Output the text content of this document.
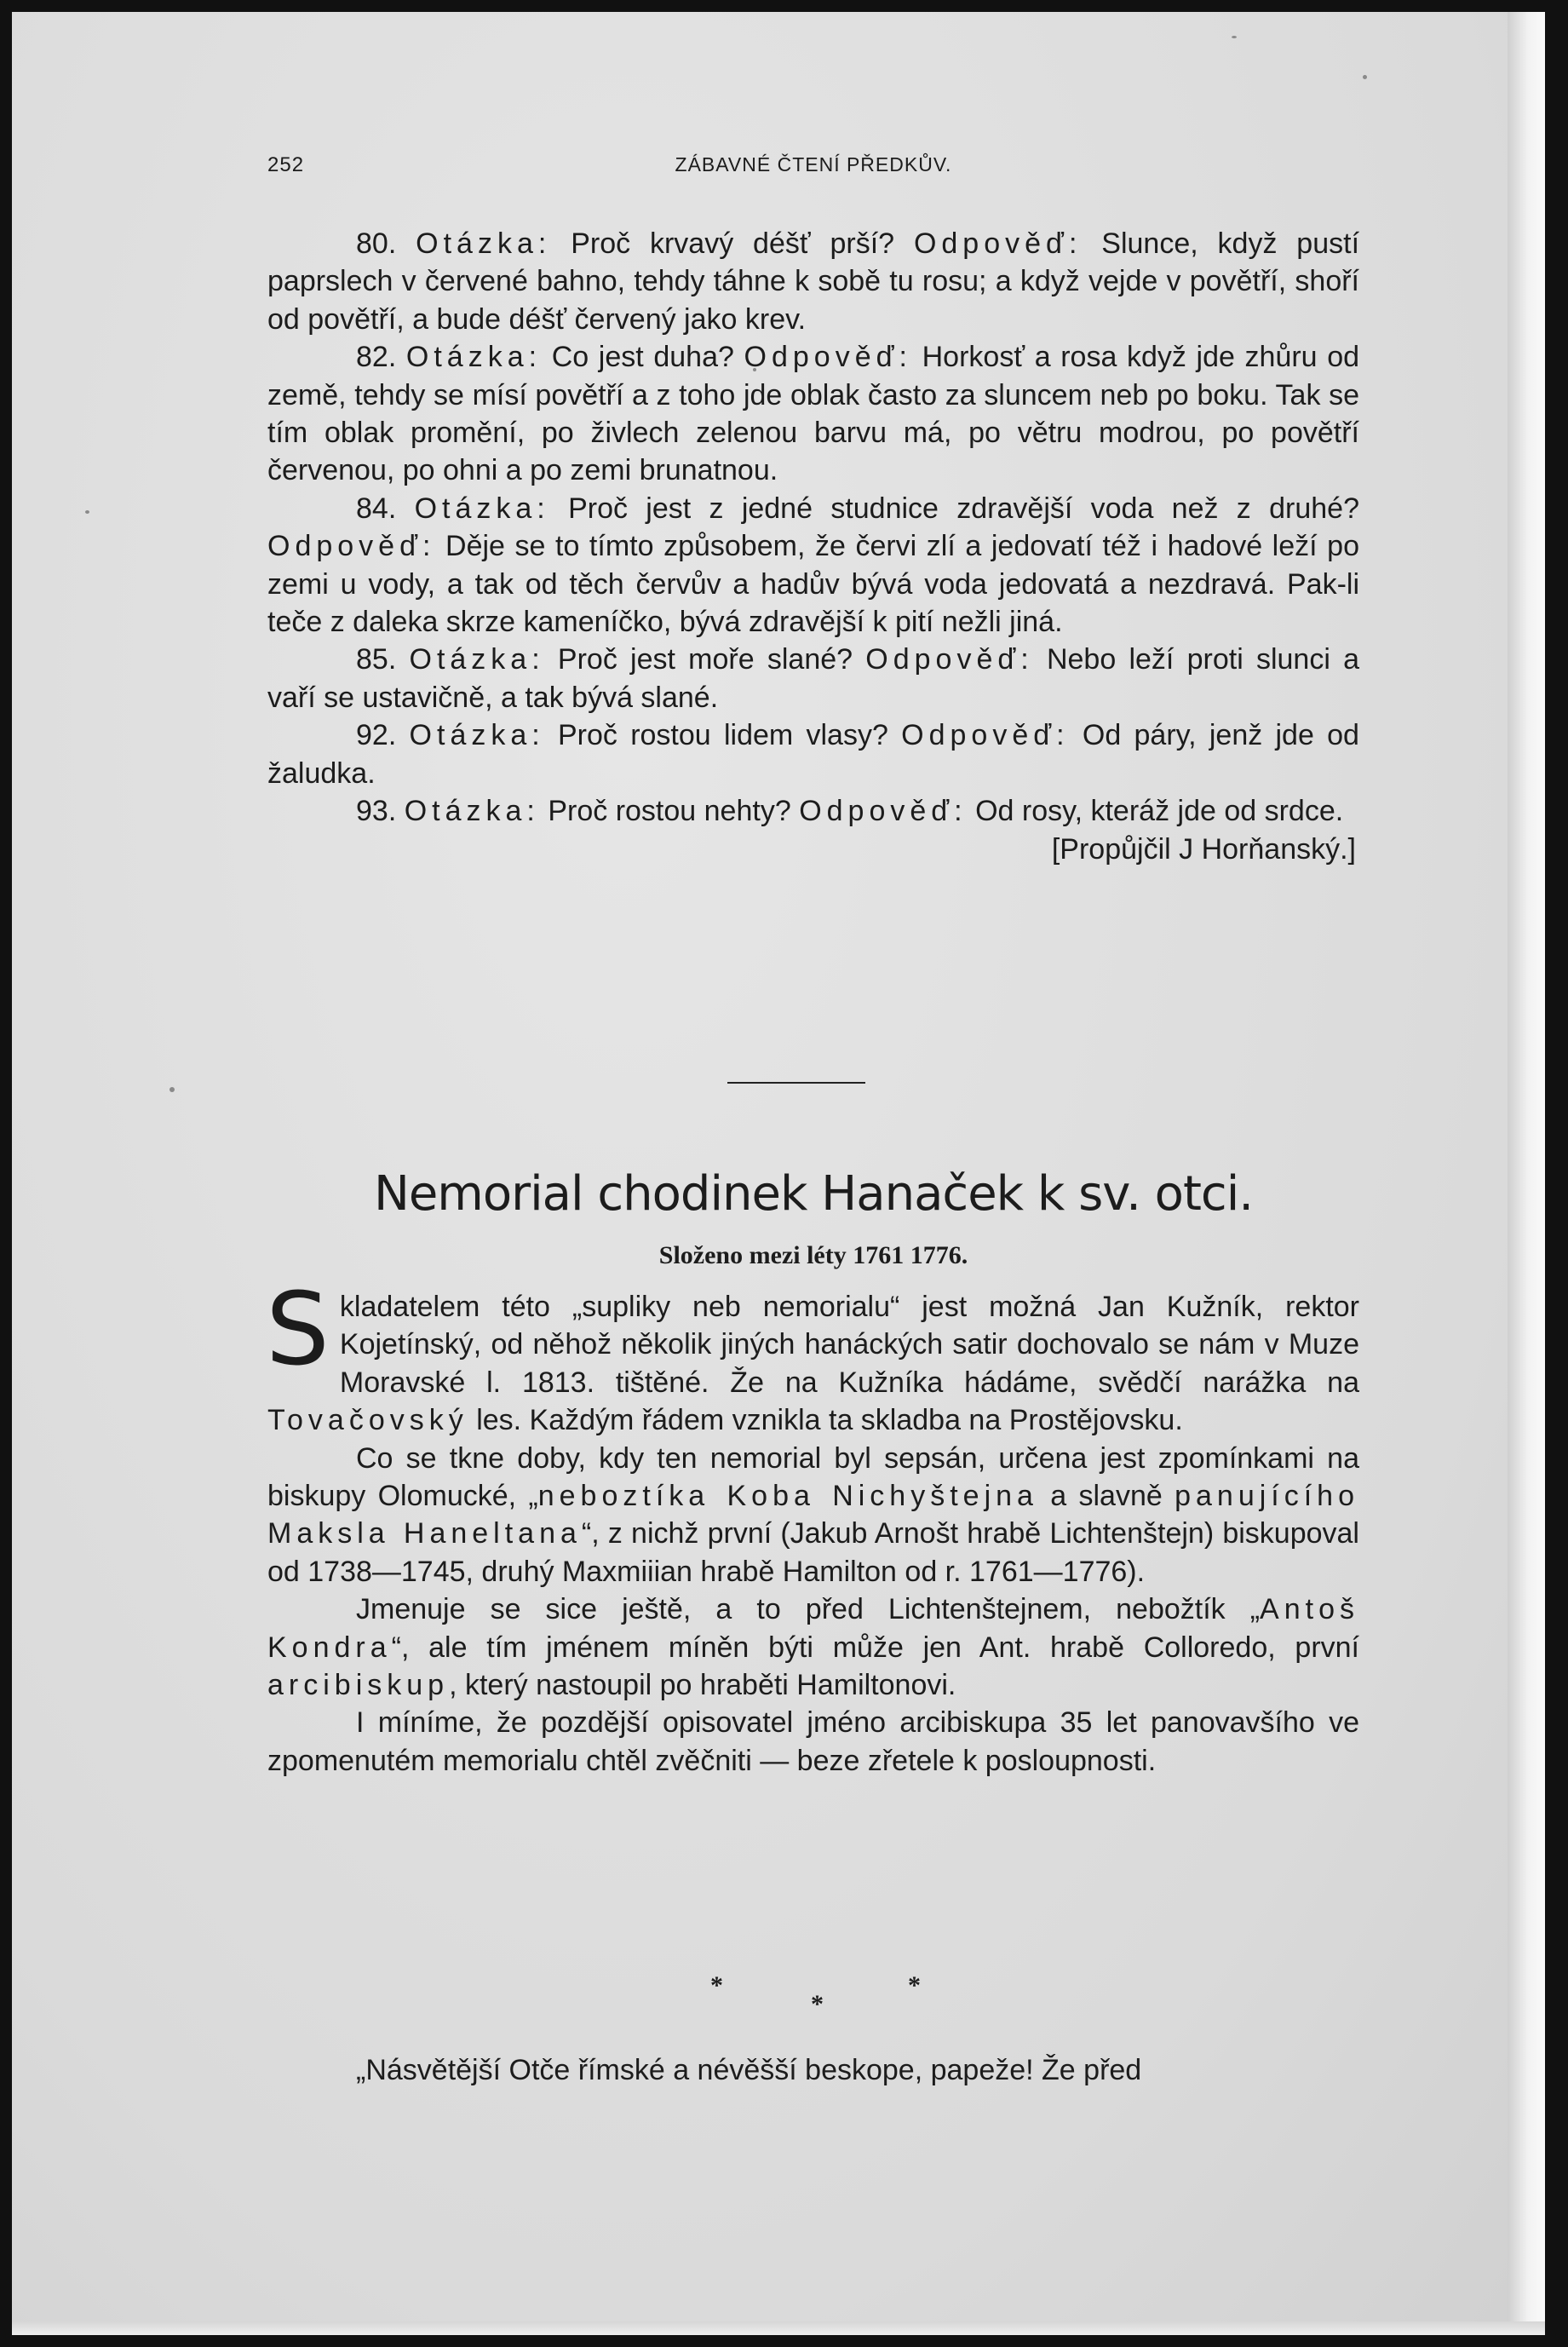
252	ZÁBAVNÉ ČTENÍ PŘEDKŮV.

80. Otázka: Proč krvavý déšť prší? Odpověď: Slunce, když pustí paprslech v červené bahno, tehdy táhne k sobě tu rosu; a když vejde v povětří, shoří od povětří, a bude déšť červený jako krev.

82. Otázka: Co jest duha? Odpověď: Horkosť a rosa když jde zhůru od země, tehdy se mísí povětří a z toho jde oblak často za sluncem neb po boku. Tak se tím oblak promění, po živlech zelenou barvu má, po větru modrou, po povětří červenou, po ohni a po zemi brunatnou.

84. Otázka: Proč jest z jedné studnice zdravější voda než z druhé? Odpověď: Děje se to tímto způsobem, že červi zlí a jedovatí též i hadové leží po zemi u vody, a tak od těch červův a hadův bývá voda jedovatá a nezdravá. Pak-li teče z daleka skrze kameníčko, bývá zdravější k pití nežli jiná.

85. Otázka: Proč jest moře slané? Odpověď: Nebo leží proti slunci a vaří se ustavičně, a tak bývá slané.

92. Otázka: Proč rostou lidem vlasy? Odpověď: Od páry, jenž jde od žaludka.

93. Otázka: Proč rostou nehty? Odpověď: Od rosy, kteráž jde od srdce.
[Propůjčil J Horňanský.]

Nemorial chodinek Hanaček k sv. otci.
Složeno mezi léty 1761 1776.

Skladatelem této „supliky neb nemorialu“ jest možná Jan Kužník, rektor Kojetínský, od něhož několik jiných hanáckých satir dochovalo se nám v Muze Moravské l. 1813. tištěné. Že na Kužníka hádáme, svědčí narážka na Tovačovský les. Každým řádem vznikla ta skladba na Prostějovsku.

Co se tkne doby, kdy ten nemorial byl sepsán, určena jest zpomínkami na biskupy Olomucké, „neboztíka Koba Nichyštejna a slavně panujícího Maksla Haneltana“, z nichž první (Jakub Arnošt hrabě Lichtenštejn) biskupoval od 1738—1745, druhý Maxmiiian hrabě Hamilton od r. 1761—1776).

Jmenuje se sice ještě, a to před Lichtenštejnem, nebožtík „Antoš Kondra“, ale tím jménem míněn býti může jen Ant. hrabě Colloredo, první arcibiskup, který nastoupil po hraběti Hamiltonovi.

I míníme, že pozdější opisovatel jméno arcibiskupa 35 let panovavšího ve zpomenutém memorialu chtěl zvěčniti — beze zřetele k posloupnosti.

*
*
*

„Násvětější Otče římské a névěšší beskope, papeže! Že před
